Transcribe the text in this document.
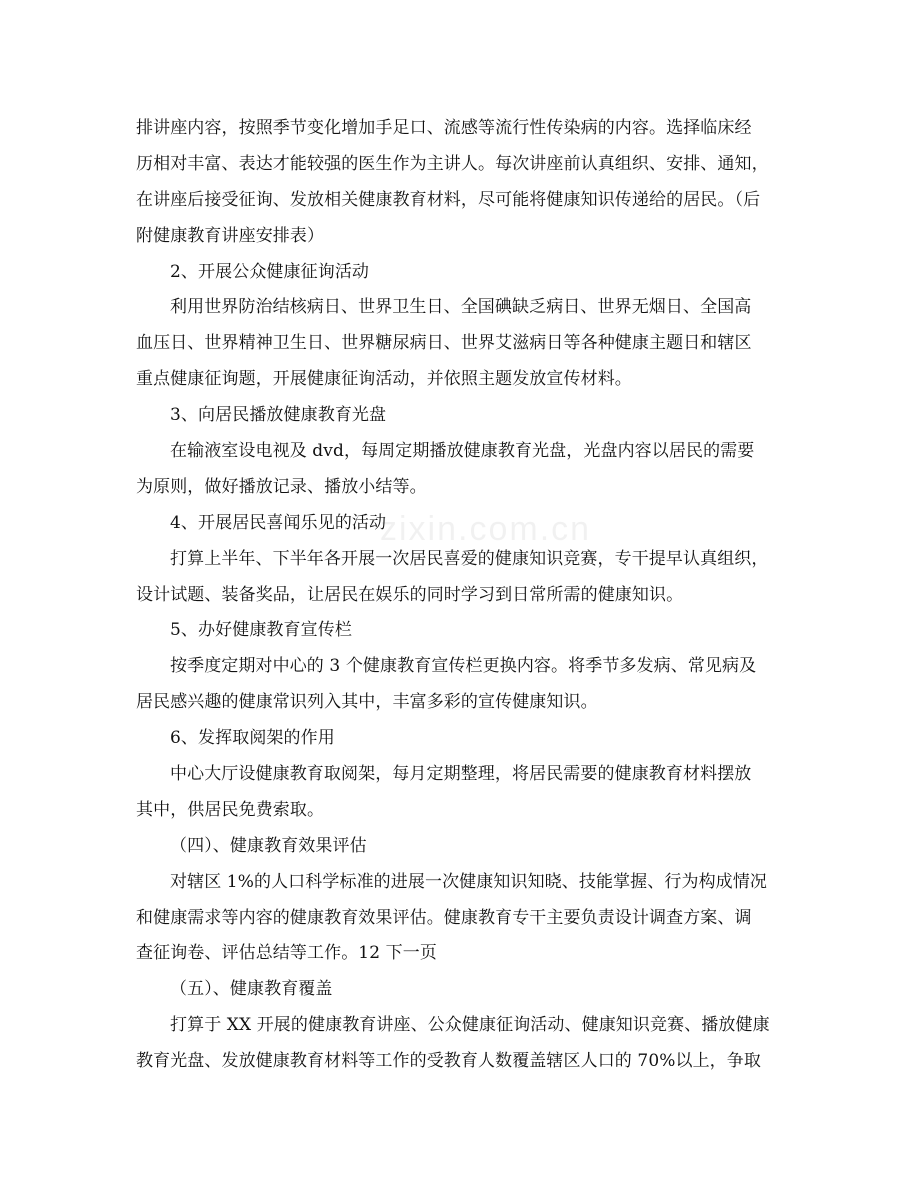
zixin.com.cn
排讲座内容，按照季节变化增加手足口、流感等流行性传染病的内容。选择临床经
历相对丰富、表达才能较强的医生作为主讲人。每次讲座前认真组织、安排、通知，
在讲座后接受征询、发放相关健康教育材料，尽可能将健康知识传递给的居民。（后
附健康教育讲座安排表）
2、开展公众健康征询活动
利用世界防治结核病日、世界卫生日、全国碘缺乏病日、世界无烟日、全国高
血压日、世界精神卫生日、世界糖尿病日、世界艾滋病日等各种健康主题日和辖区
重点健康征询题，开展健康征询活动，并依照主题发放宣传材料。
3、向居民播放健康教育光盘
在输液室设电视及 dvd，每周定期播放健康教育光盘，光盘内容以居民的需要
为原则，做好播放记录、播放小结等。
4、开展居民喜闻乐见的活动
打算上半年、下半年各开展一次居民喜爱的健康知识竞赛，专干提早认真组织，
设计试题、装备奖品，让居民在娱乐的同时学习到日常所需的健康知识。
5、办好健康教育宣传栏
按季度定期对中心的 3 个健康教育宣传栏更换内容。将季节多发病、常见病及
居民感兴趣的健康常识列入其中，丰富多彩的宣传健康知识。
6、发挥取阅架的作用
中心大厅设健康教育取阅架，每月定期整理，将居民需要的健康教育材料摆放
其中，供居民免费索取。
（四）、健康教育效果评估
对辖区 1%的人口科学标准的进展一次健康知识知晓、技能掌握、行为构成情况
和健康需求等内容的健康教育效果评估。健康教育专干主要负责设计调查方案、调
查征询卷、评估总结等工作。12 下一页
（五）、健康教育覆盖
打算于 XX 开展的健康教育讲座、公众健康征询活动、健康知识竞赛、播放健康
教育光盘、发放健康教育材料等工作的受教育人数覆盖辖区人口的 70%以上，争取
